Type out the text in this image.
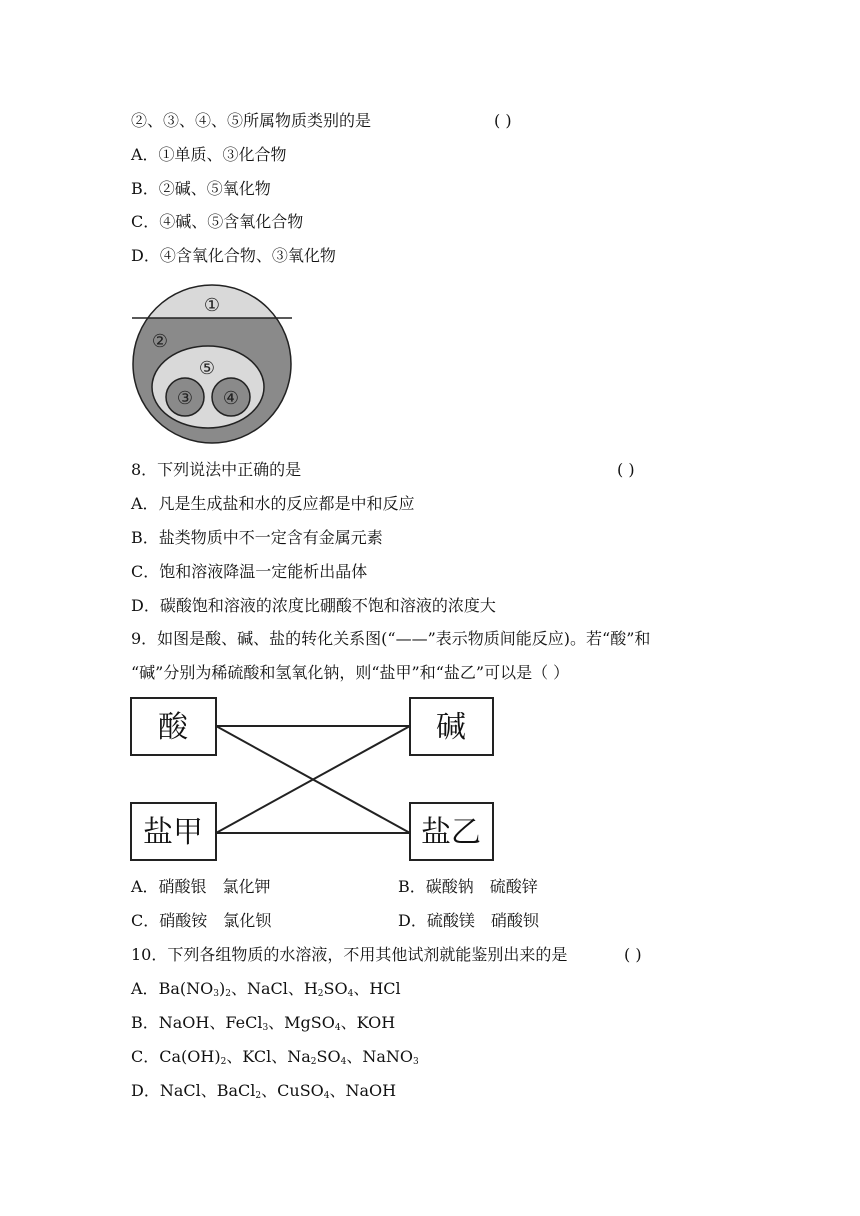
②、③、④、⑤所属物质类别的是	( )
A．①单质、③化合物
B．②碱、⑤氧化物
C．④碱、⑤含氧化合物
D．④含氧化合物、③氧化物
①
②
⑤
③ ④
8．下列说法中正确的是	( )
A．凡是生成盐和水的反应都是中和反应
B．盐类物质中不一定含有金属元素
C．饱和溶液降温一定能析出晶体
D．碳酸饱和溶液的浓度比硼酸不饱和溶液的浓度大
9．如图是酸、碱、盐的转化关系图(“——”表示物质间能反应)。若“酸”和
“碱”分别为稀硫酸和氢氧化钠，则“盐甲”和“盐乙”可以是（ ）
酸	碱
盐甲	盐乙
A．硝酸银　氯化钾	B．碳酸钠　硫酸锌
C．硝酸铵　氯化钡	D．硫酸镁　硝酸钡
10．下列各组物质的水溶液，不用其他试剂就能鉴别出来的是	( )
A．$Ba(NO_3)_2$、NaCl、$H_2SO_4$、HCl
B．NaOH、FeCl$_3$、MgSO$_4$、KOH
C．$Ca(OH)_2$、KCl、$Na_2SO_4$、NaNO$_3$
D．NaCl、BaCl$_2$、CuSO$_4$、NaOH
